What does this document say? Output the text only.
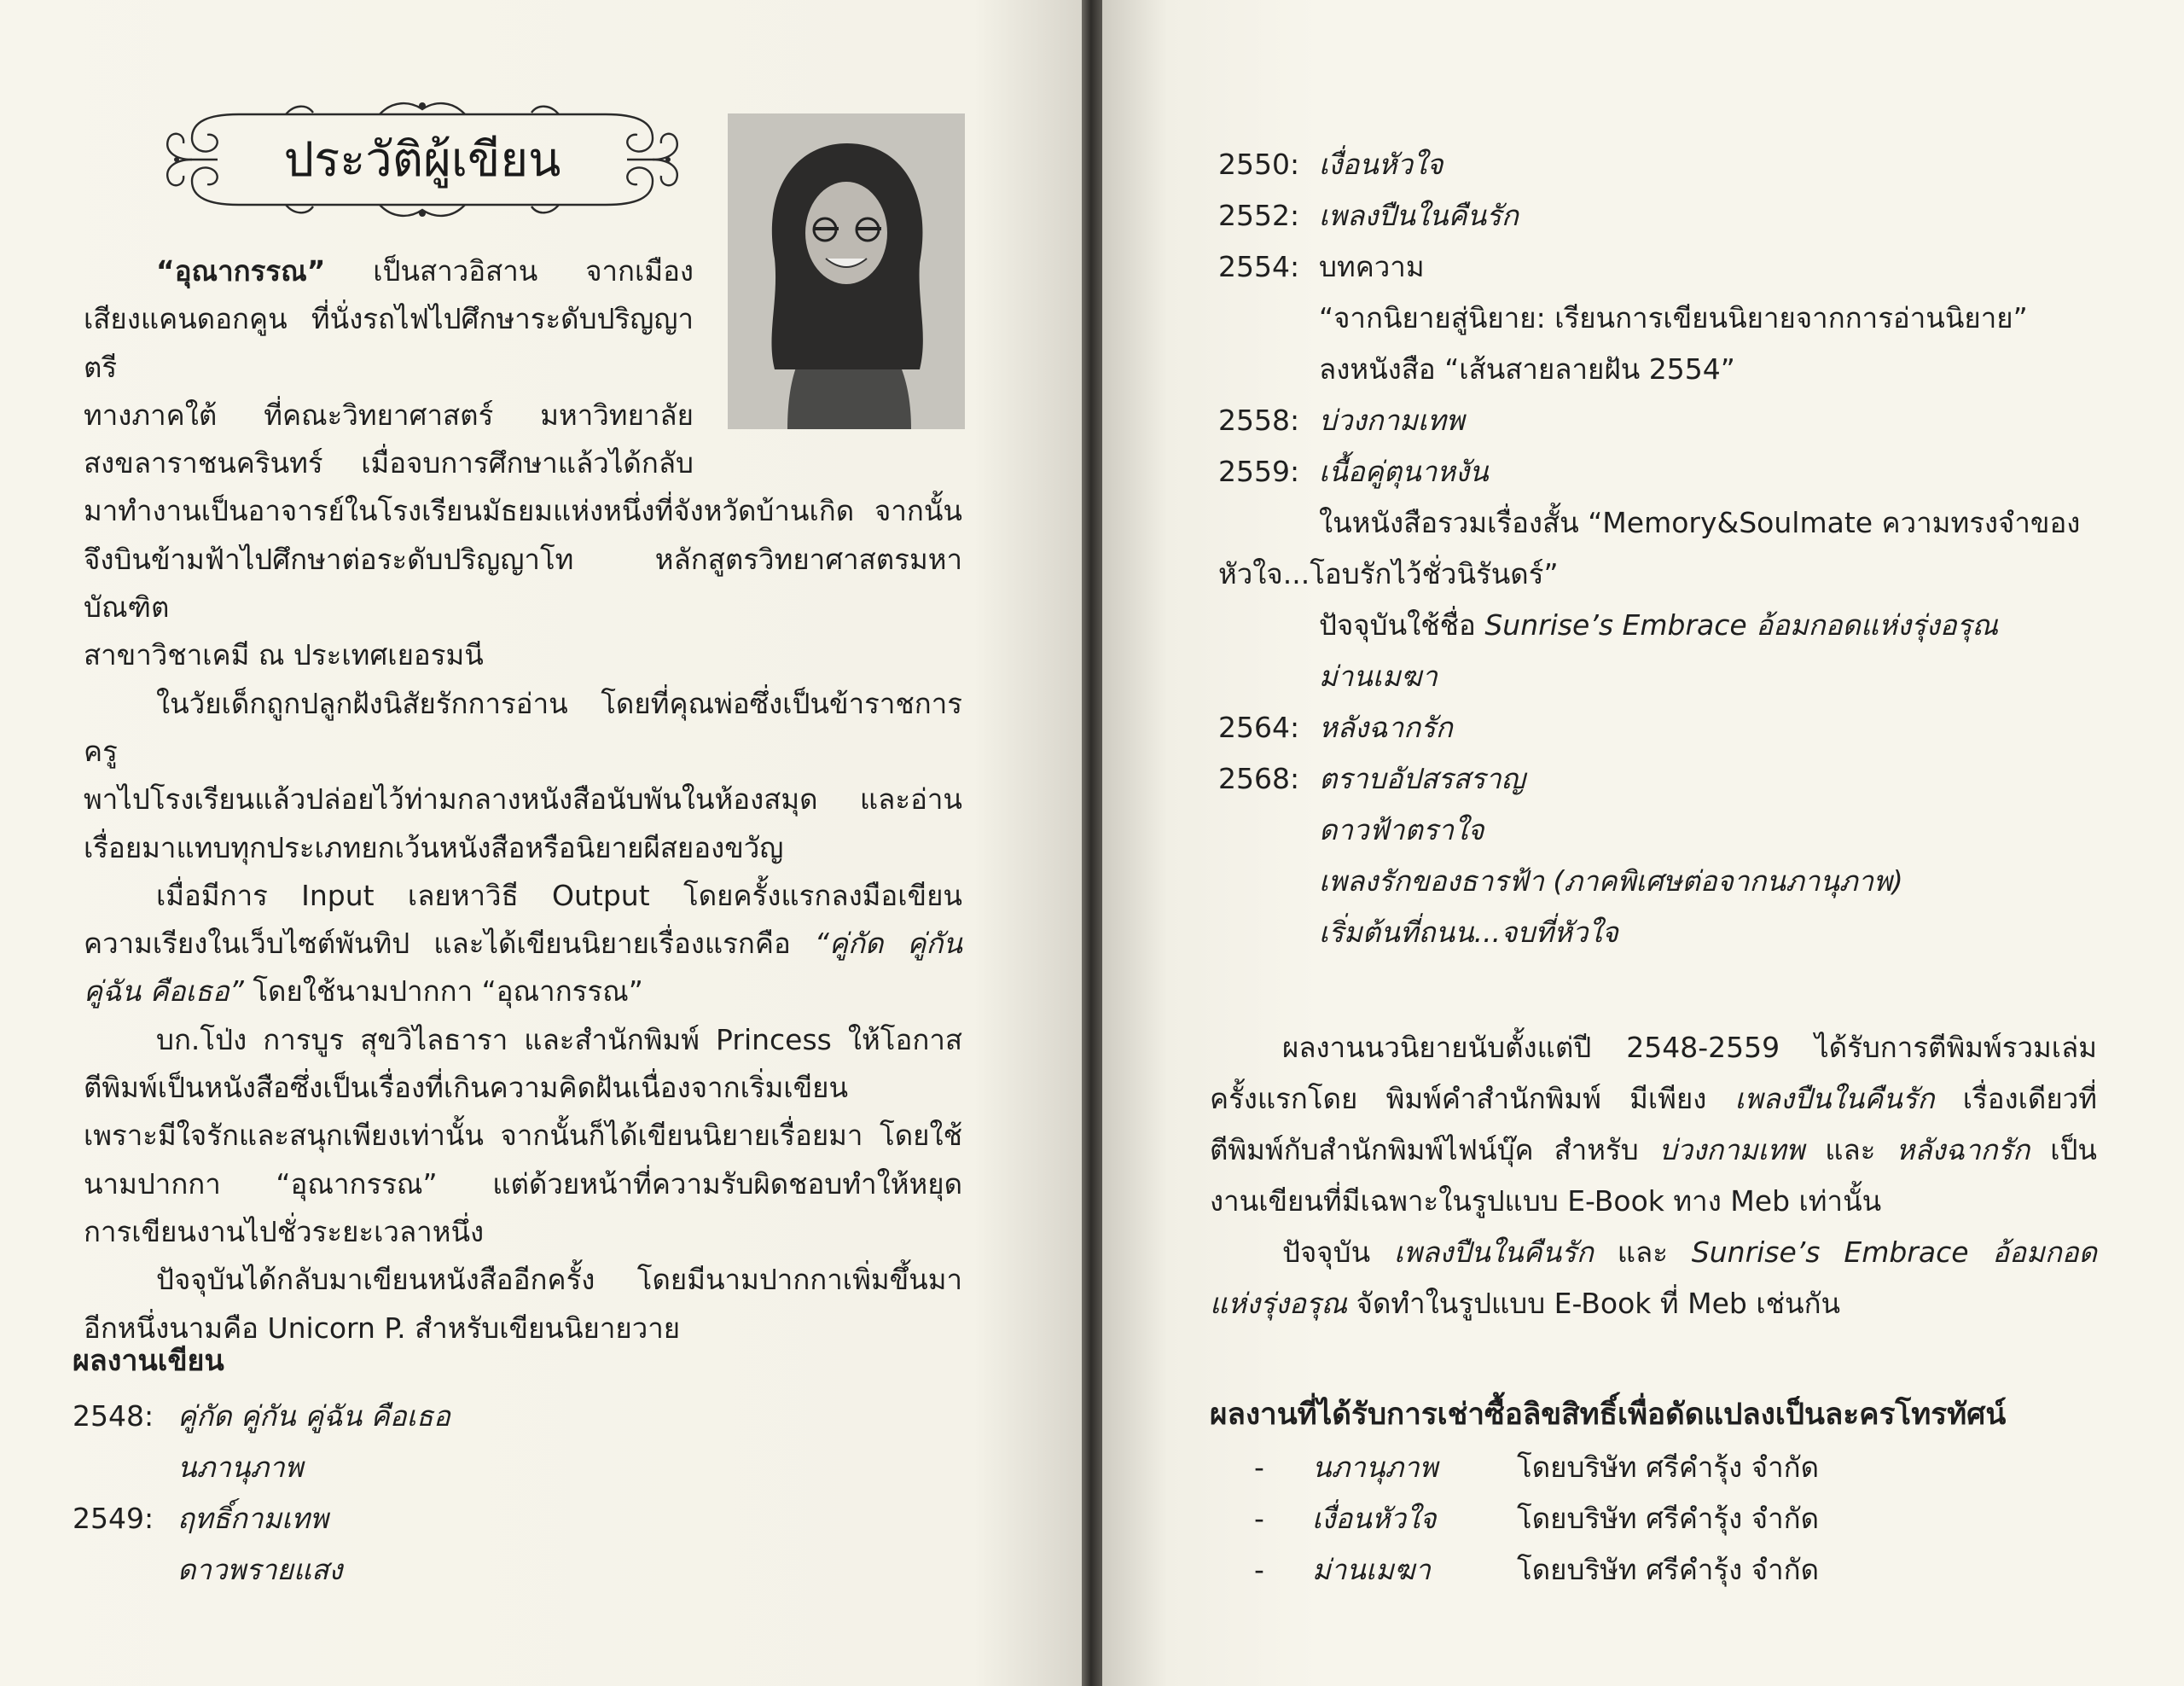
ประวัติผู้เขียน

“อุณากรรณ” เป็นสาวอิสาน จากเมือง

เสียงแคนดอกคูน ที่นั่งรถไฟไปศึกษาระดับปริญญาตรี

ทางภาคใต้ ที่คณะวิทยาศาสตร์ มหาวิทยาลัย

สงขลาราชนครินทร์ เมื่อจบการศึกษาแล้วได้กลับ

มาทำงานเป็นอาจารย์ในโรงเรียนมัธยมแห่งหนึ่งที่จังหวัดบ้านเกิด จากนั้น

จึงบินข้ามฟ้าไปศึกษาต่อระดับปริญญาโท หลักสูตรวิทยาศาสตรมหาบัณฑิต

สาขาวิชาเคมี ณ ประเทศเยอรมนี

ในวัยเด็กถูกปลูกฝังนิสัยรักการอ่าน โดยที่คุณพ่อซึ่งเป็นข้าราชการครู

พาไปโรงเรียนแล้วปล่อยไว้ท่ามกลางหนังสือนับพันในห้องสมุด และอ่าน

เรื่อยมาแทบทุกประเภทยกเว้นหนังสือหรือนิยายผีสยองขวัญ

เมื่อมีการ Input เลยหาวิธี Output โดยครั้งแรกลงมือเขียน

ความเรียงในเว็บไซต์พันทิป และได้เขียนนิยายเรื่องแรกคือ “คู่กัด คู่กัน

คู่ฉัน คือเธอ” โดยใช้นามปากกา “อุณากรรณ”

บก.โป่ง การบูร สุขวิไลธารา และสำนักพิมพ์ Princess ให้โอกาส

ตีพิมพ์เป็นหนังสือซึ่งเป็นเรื่องที่เกินความคิดฝันเนื่องจากเริ่มเขียน

เพราะมีใจรักและสนุกเพียงเท่านั้น จากนั้นก็ได้เขียนนิยายเรื่อยมา โดยใช้

นามปากกา “อุณากรรณ” แต่ด้วยหน้าที่ความรับผิดชอบทำให้หยุด

การเขียนงานไปชั่วระยะเวลาหนึ่ง

ปัจจุบันได้กลับมาเขียนหนังสืออีกครั้ง โดยมีนามปากกาเพิ่มขึ้นมา

อีกหนึ่งนามคือ Unicorn P. สำหรับเขียนนิยายวาย

ผลงานเขียน
2548: คู่กัด คู่กัน คู่ฉัน คือเธอ
นภานุภาพ
2549: ฤทธิ์กามเทพ
ดาวพรายแสง
2550: เงื่อนหัวใจ
2552: เพลงปืนในคืนรัก
2554: บทความ
“จากนิยายสู่นิยาย: เรียนการเขียนนิยายจากการอ่านนิยาย”
ลงหนังสือ “เส้นสายลายฝัน 2554”
2558: บ่วงกามเทพ
2559: เนื้อคู่ตุนาหงัน
ในหนังสือรวมเรื่องสั้น “Memory&Soulmate ความทรงจำของ
หัวใจ...โอบรักไว้ชั่วนิรันดร์”
ปัจจุบันใช้ชื่อ Sunrise’s Embrace อ้อมกอดแห่งรุ่งอรุณ
ม่านเมฆา
2564: หลังฉากรัก
2568: ตราบอัปสรสราญ
ดาวฟ้าตราใจ
เพลงรักของธารฟ้า (ภาคพิเศษต่อจากนภานุภาพ)
เริ่มต้นที่ถนน...จบที่หัวใจ

ผลงานนวนิยายนับตั้งแต่ปี 2548-2559 ได้รับการตีพิมพ์รวมเล่ม

ครั้งแรกโดย พิมพ์คำสำนักพิมพ์ มีเพียง เพลงปืนในคืนรัก เรื่องเดียวที่

ตีพิมพ์กับสำนักพิมพ์ไฟน์บุ๊ค สำหรับ บ่วงกามเทพ และ หลังฉากรัก เป็น

งานเขียนที่มีเฉพาะในรูปแบบ E-Book ทาง Meb เท่านั้น

ปัจจุบัน เพลงปืนในคืนรัก และ Sunrise’s Embrace อ้อมกอด

แห่งรุ่งอรุณ จัดทำในรูปแบบ E-Book ที่ Meb เช่นกัน

ผลงานที่ได้รับการเช่าซื้อลิขสิทธิ์เพื่อดัดแปลงเป็นละครโทรทัศน์
- นภานุภาพ	โดยบริษัท ศรีคำรุ้ง จำกัด
- เงื่อนหัวใจ	โดยบริษัท ศรีคำรุ้ง จำกัด
- ม่านเมฆา	โดยบริษัท ศรีคำรุ้ง จำกัด
